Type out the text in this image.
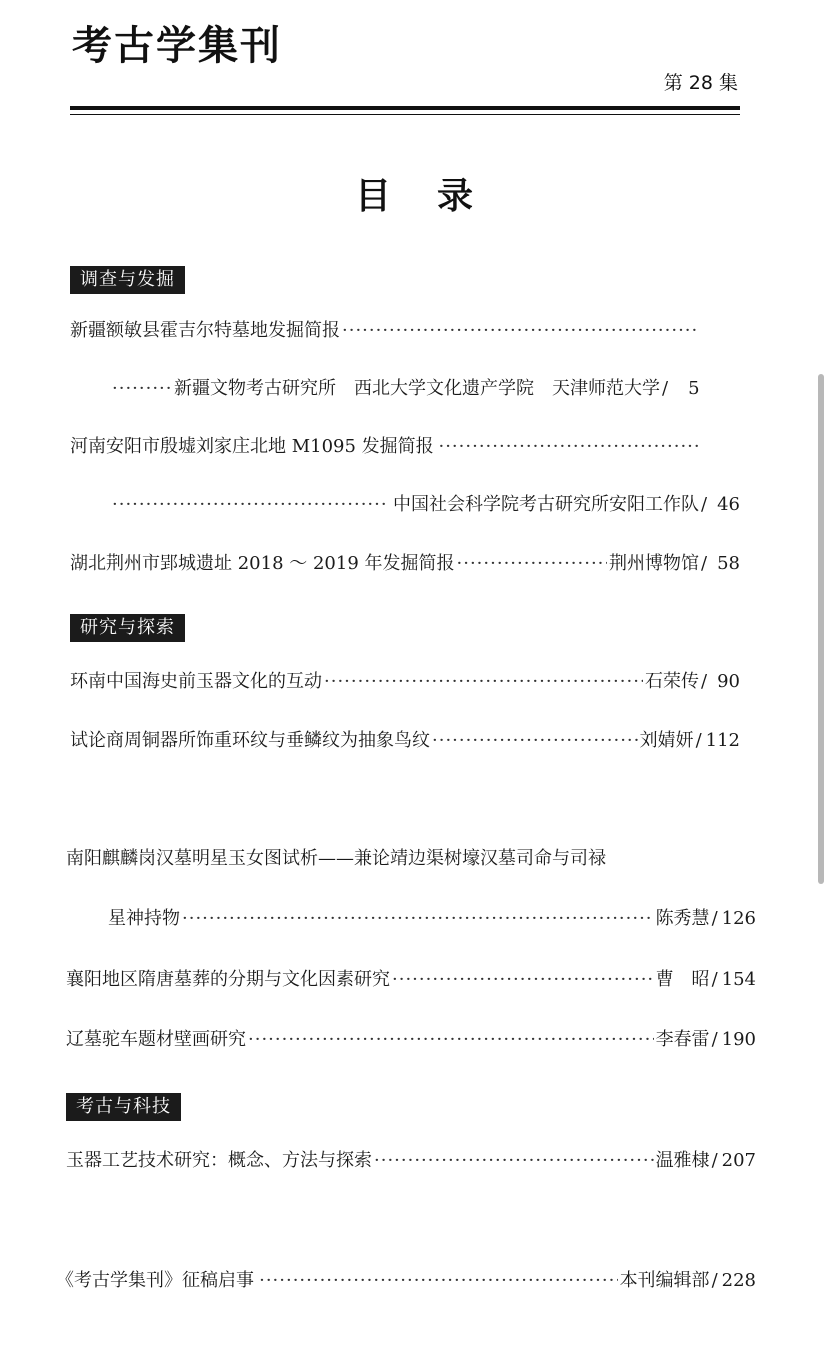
考古学集刊
第 28 集
目 录
调查与发掘
新疆额敏县霍吉尔特墓地发掘简报
·····
·····
新疆文物考古研究所　西北大学文化遗产学院　天津师范大学 / 5
河南安阳市殷墟刘家庄北地 M1095 发掘简报
·····
·····
中国社会科学院考古研究所安阳工作队 / 46
湖北荆州市郢城遗址 2018 ～ 2019 年发掘简报 ·····	荆州博物馆 / 58
研究与探索
环南中国海史前玉器文化的互动 ·····	石荣传 / 90
试论商周铜器所饰重环纹与垂鳞纹为抽象鸟纹 ·····	刘婧妍 / 112
南阳麒麟岗汉墓明星玉女图试析——兼论靖边渠树壕汉墓司命与司禄
星神持物 ·····	陈秀慧 / 126
襄阳地区隋唐墓葬的分期与文化因素研究 ·····	曹　昭 / 154
辽墓驼车题材壁画研究 ·····	李春雷 / 190
考古与科技
玉器工艺技术研究：概念、方法与探索 ·····	温雅棣 / 207
《考古学集刊》征稿启事 ·····	本刊编辑部 / 228
